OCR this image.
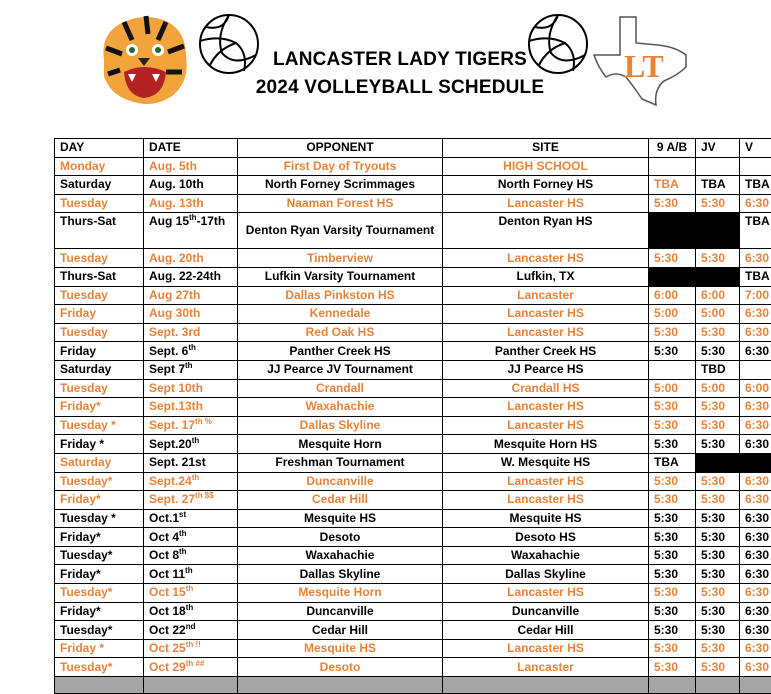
LANCASTER LADY TIGERS
2024 VOLLEYBALL SCHEDULE
LT
DAY	DATE	OPPONENT	SITE	9 A/B	JV	V
Monday	Aug. 5th	First Day of Tryouts	HIGH SCHOOL			
Saturday	Aug. 10th	North Forney Scrimmages	North Forney HS	TBA	TBA	TBA
Tuesday	Aug. 13th	Naaman Forest HS	Lancaster HS	5:30	5:30	6:30
Thurs-Sat	Aug 15th-17th	Denton Ryan Varsity Tournament	Denton Ryan HS			TBA
Tuesday	Aug. 20th	Timberview	Lancaster HS	5:30	5:30	6:30
Thurs-Sat	Aug. 22-24th	Lufkin Varsity Tournament	Lufkin, TX			TBA
Tuesday	Aug 27th	Dallas Pinkston HS	Lancaster	6:00	6:00	7:00
Friday	Aug 30th	Kennedale	Lancaster HS	5:00	5:00	6:30
Tuesday	Sept. 3rd	Red Oak HS	Lancaster HS	5:30	5:30	6:30
Friday	Sept. 6th	Panther Creek HS	Panther Creek HS	5:30	5:30	6:30
Saturday	Sept 7th	JJ Pearce JV Tournament	JJ Pearce HS		TBD	
Tuesday	Sept 10th	Crandall	Crandall HS	5:00	5:00	6:00
Friday*	Sept.13th	Waxahachie	Lancaster HS	5:30	5:30	6:30
Tuesday *	Sept. $17^{th \%}$	Dallas Skyline	Lancaster HS	5:30	5:30	6:30
Friday *	Sept.20th	Mesquite Horn	Mesquite Horn HS	5:30	5:30	6:30
Saturday	Sept. 21st	Freshman Tournament	W. Mesquite HS	TBA		
Tuesday*	Sept.24th	Duncanville	Lancaster HS	5:30	5:30	6:30
Friday*	Sept. $27^{th \$\$}$	Cedar Hill	Lancaster HS	5:30	5:30	6:30
Tuesday *	Oct.1st	Mesquite HS	Mesquite HS	5:30	5:30	6:30
Friday*	Oct 4th	Desoto	Desoto HS	5:30	5:30	6:30
Tuesday*	Oct 8th	Waxahachie	Waxahachie	5:30	5:30	6:30
Friday*	Oct 11th	Dallas Skyline	Dallas Skyline	5:30	5:30	6:30
Tuesday*	Oct 15th	Mesquite Horn	Lancaster HS	5:30	5:30	6:30
Friday*	Oct 18th	Duncanville	Duncanville	5:30	5:30	6:30
Tuesday*	Oct 22nd	Cedar Hill	Cedar Hill	5:30	5:30	6:30
Friday *	Oct $25^{th !!}$	Mesquite HS	Lancaster HS	5:30	5:30	6:30
Tuesday*	Oct $29^{th \#\#}$	Desoto	Lancaster	5:30	5:30	6:30
